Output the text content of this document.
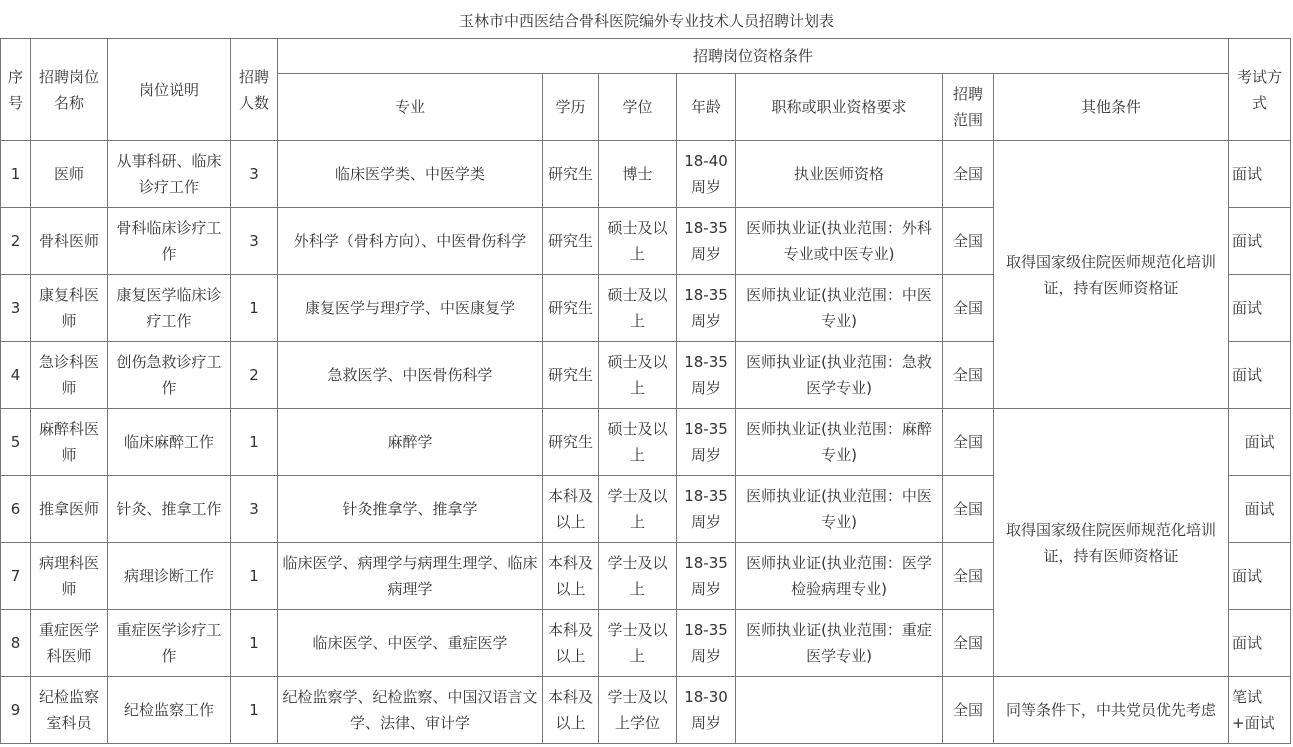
玉林市中西医结合骨科医院编外专业技术人员招聘计划表
序号	招聘岗位名称	岗位说明	招聘人数	招聘岗位资格条件							考试方式
				专业	学历	学位	年龄	职称或职业资格要求	招聘范围	其他条件	
1	医师	从事科研、临床诊疗工作	3	临床医学类、中医学类	研究生	博士	18-40周岁	执业医师资格	全国	取得国家级住院医师规范化培训证，持有医师资格证	面试
2	骨科医师	骨科临床诊疗工作	3	外科学（骨科方向）、中医骨伤科学	研究生	硕士及以上	18-35周岁	医师执业证(执业范围：外科专业或中医专业)	全国		面试
3	康复科医师	康复医学临床诊疗工作	1	康复医学与理疗学、中医康复学	研究生	硕士及以上	18-35周岁	医师执业证(执业范围：中医专业)	全国		面试
4	急诊科医师	创伤急救诊疗工作	2	急救医学、中医骨伤科学	研究生	硕士及以上	18-35周岁	医师执业证(执业范围：急救医学专业)	全国		面试
5	麻醉科医师	临床麻醉工作	1	麻醉学	研究生	硕士及以上	18-35周岁	医师执业证(执业范围：麻醉专业)	全国	取得国家级住院医师规范化培训证，持有医师资格证	面试
6	推拿医师	针灸、推拿工作	3	针灸推拿学、推拿学	本科及以上	学士及以上	18-35周岁	医师执业证(执业范围：中医专业)	全国		面试
7	病理科医师	病理诊断工作	1	临床医学、病理学与病理生理学、临床病理学	本科及以上	学士及以上	18-35周岁	医师执业证(执业范围：医学检验病理专业)	全国		面试
8	重症医学科医师	重症医学诊疗工作	1	临床医学、中医学、重症医学	本科及以上	学士及以上	18-35周岁	医师执业证(执业范围：重症医学专业)	全国		面试
9	纪检监察室科员	纪检监察工作	1	纪检监察学、纪检监察、中国汉语言文学、法律、审计学	本科及以上	学士及以上学位	18-30周岁		全国	同等条件下，中共党员优先考虑	笔试+面试
